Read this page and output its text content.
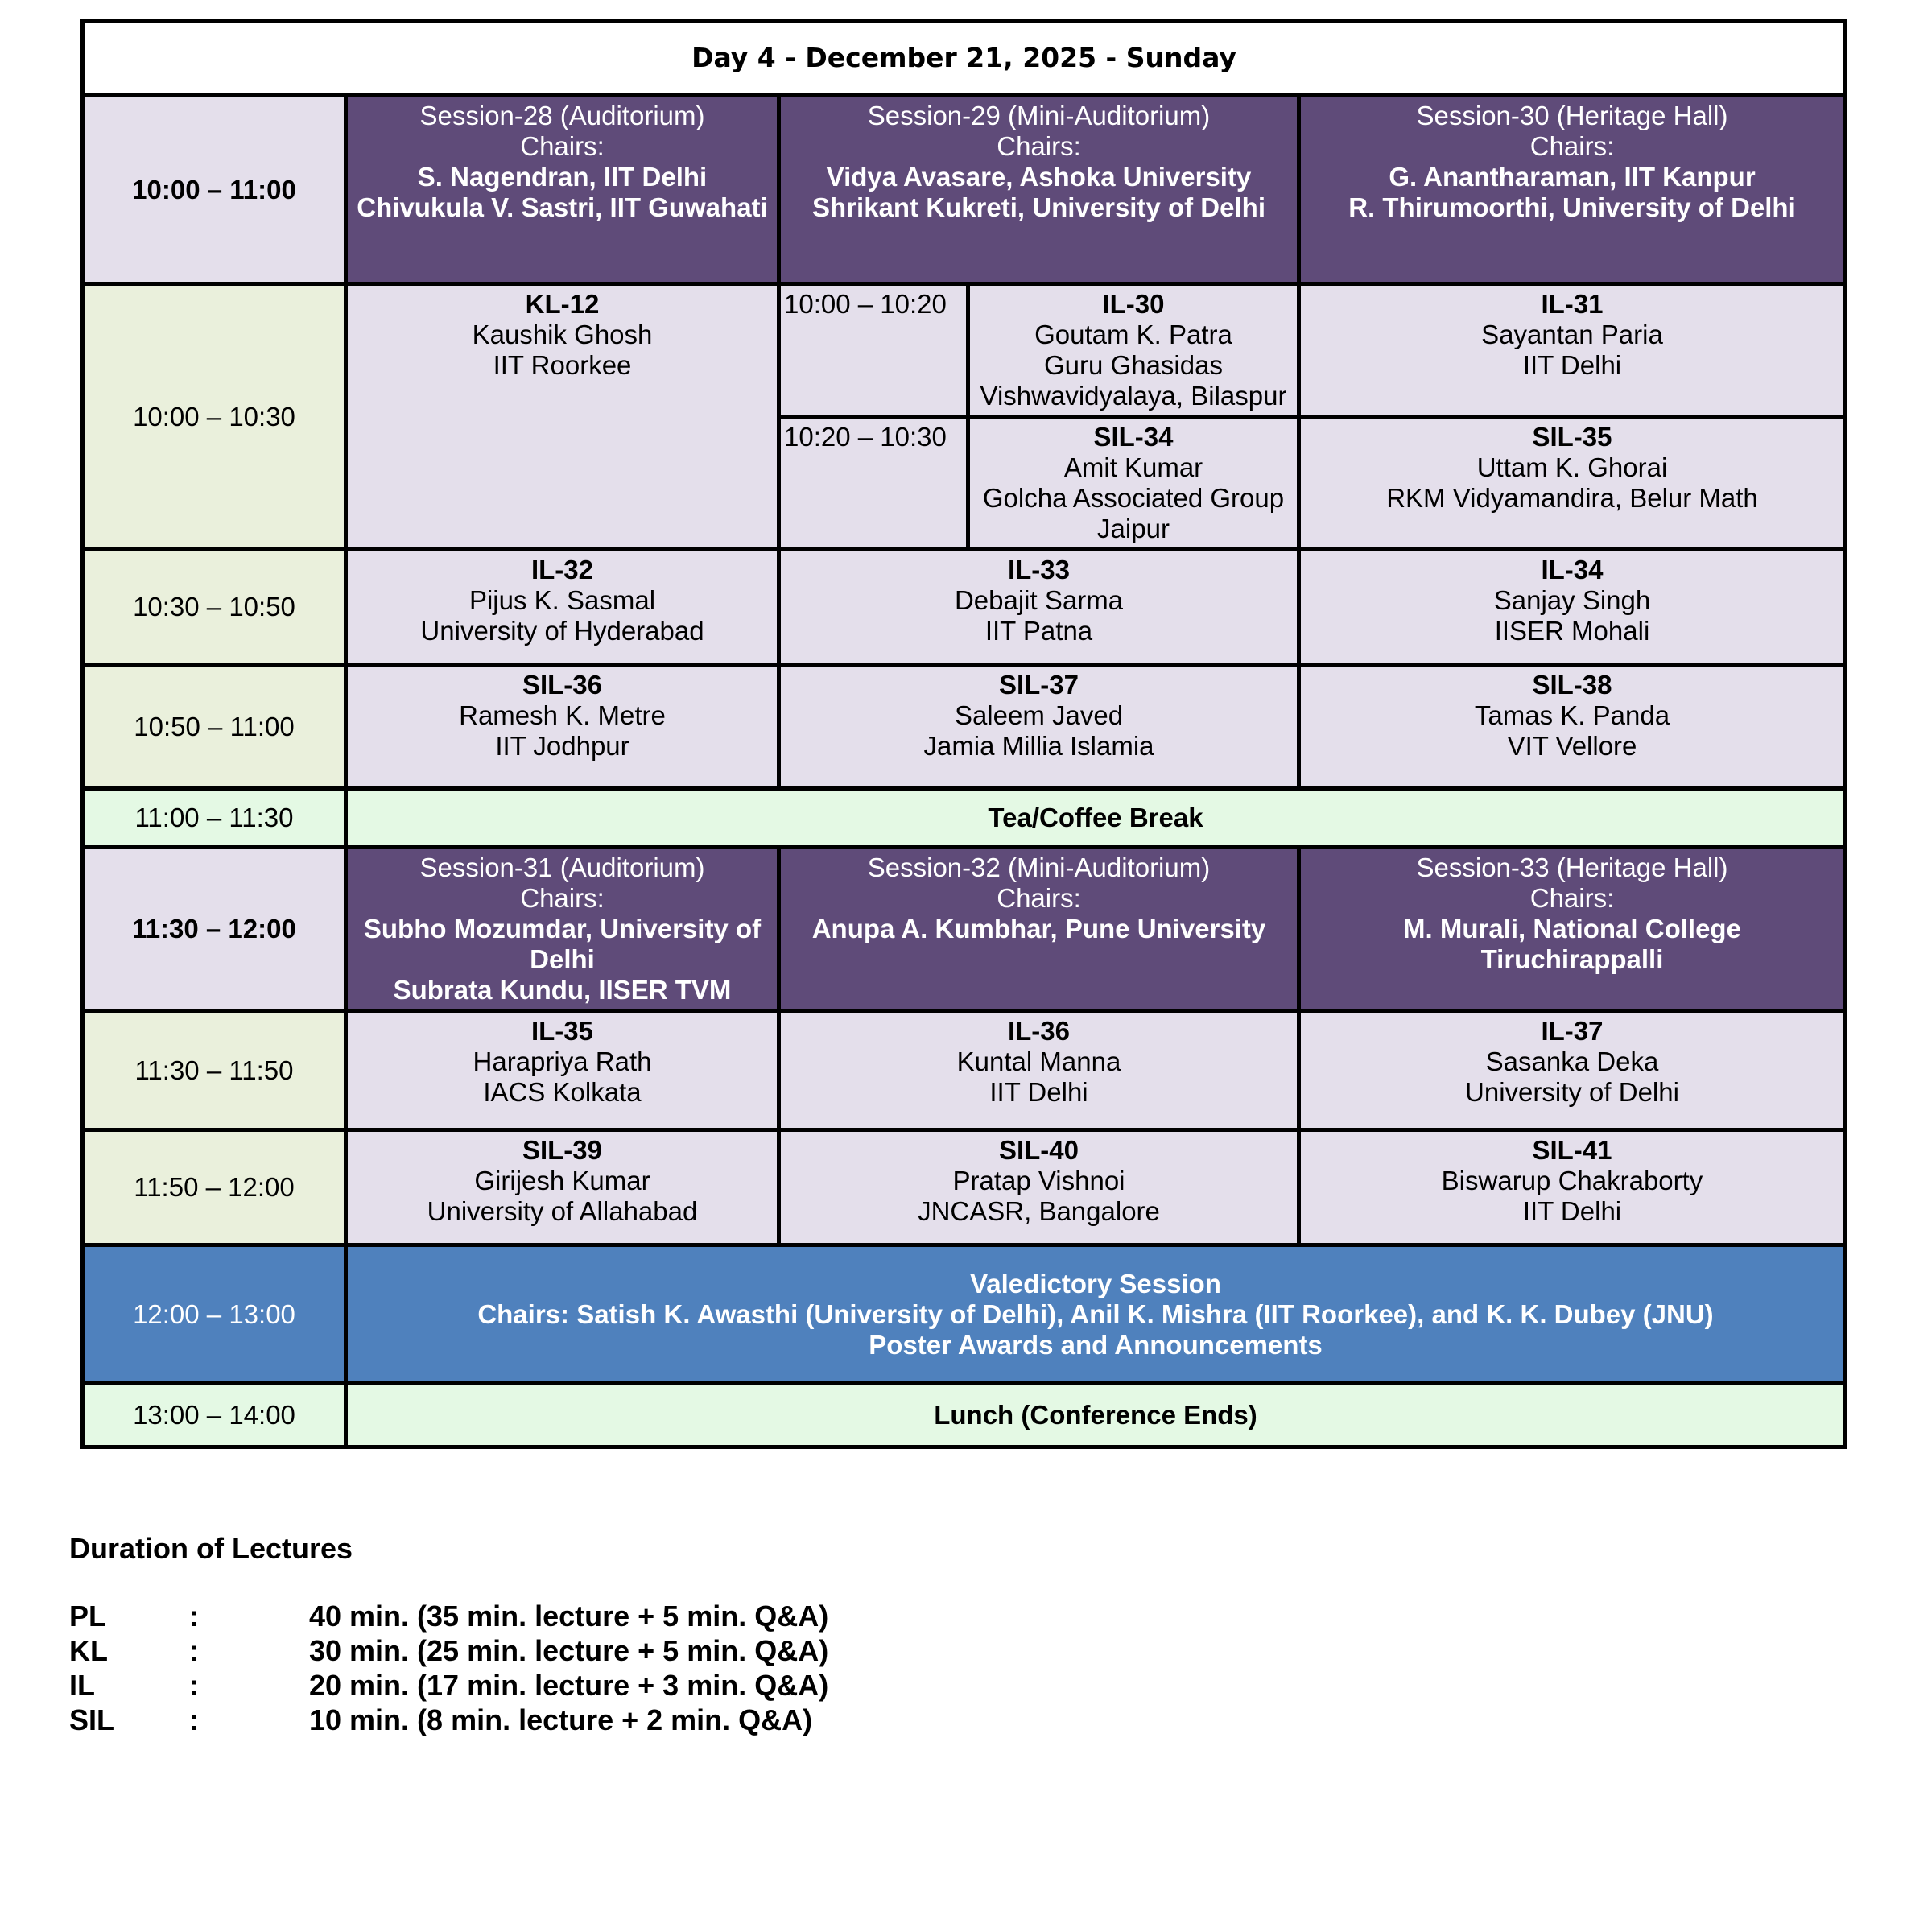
Day 4 - December 21, 2025 - Sunday				
10:00 – 11:00	Session-28 (Auditorium)
Chairs:
S. Nagendran, IIT Delhi
Chivukula V. Sastri, IIT Guwahati	Session-29 (Mini-Auditorium)
Chairs:
Vidya Avasare, Ashoka University
Shrikant Kukreti, University of Delhi		Session-30 (Heritage Hall)
Chairs:
G. Anantharaman, IIT Kanpur
R. Thirumoorthi, University of Delhi

10:00 – 10:30	KL-12
Kaushik Ghosh
IIT Roorkee	10:00 – 10:20	IL-30
Goutam K. Patra
Guru Ghasidas
Vishwavidyalaya, Bilaspur	IL-31
Sayantan Paria
IIT Delhi

		10:20 – 10:30	SIL-34
Amit Kumar
Golcha Associated Group
Jaipur	SIL-35
Uttam K. Ghorai
RKM Vidyamandira, Belur Math

10:30 – 10:50	IL-32
Pijus K. Sasmal
University of Hyderabad	IL-33
Debajit Sarma
IIT Patna		IL-34
Sanjay Singh
IISER Mohali

10:50 – 11:00	SIL-36
Ramesh K. Metre
IIT Jodhpur	SIL-37
Saleem Javed
Jamia Millia Islamia		SIL-38
Tamas K. Panda
VIT Vellore

11:00 – 11:30	Tea/Coffee Break			
11:30 – 12:00	Session-31 (Auditorium)
Chairs:
Subho Mozumdar, University of Delhi
Subrata Kundu, IISER TVM	Session-32 (Mini-Auditorium)
Chairs:
Anupa A. Kumbhar, Pune University		Session-33 (Heritage Hall)
Chairs:
M. Murali, National College Tiruchirappalli

11:30 – 11:50	IL-35
Harapriya Rath
IACS Kolkata	IL-36
Kuntal Manna
IIT Delhi		IL-37
Sasanka Deka
University of Delhi

11:50 – 12:00	SIL-39
Girijesh Kumar
University of Allahabad	SIL-40
Pratap Vishnoi
JNCASR, Bangalore		SIL-41
Biswarup Chakraborty
IIT Delhi

12:00 – 13:00	Valedictory Session
Chairs: Satish K. Awasthi (University of Delhi), Anil K. Mishra (IIT Roorkee), and K. K. Dubey (JNU)
Poster Awards and Announcements			

13:00 – 14:00	Lunch (Conference Ends)			
Duration of Lectures
PL	:	40 min. (35 min. lecture + 5 min. Q&A)
KL	:	30 min. (25 min. lecture + 5 min. Q&A)
IL	:	20 min. (17 min. lecture + 3 min. Q&A)
SIL	:	10 min. (8 min. lecture + 2 min. Q&A)
